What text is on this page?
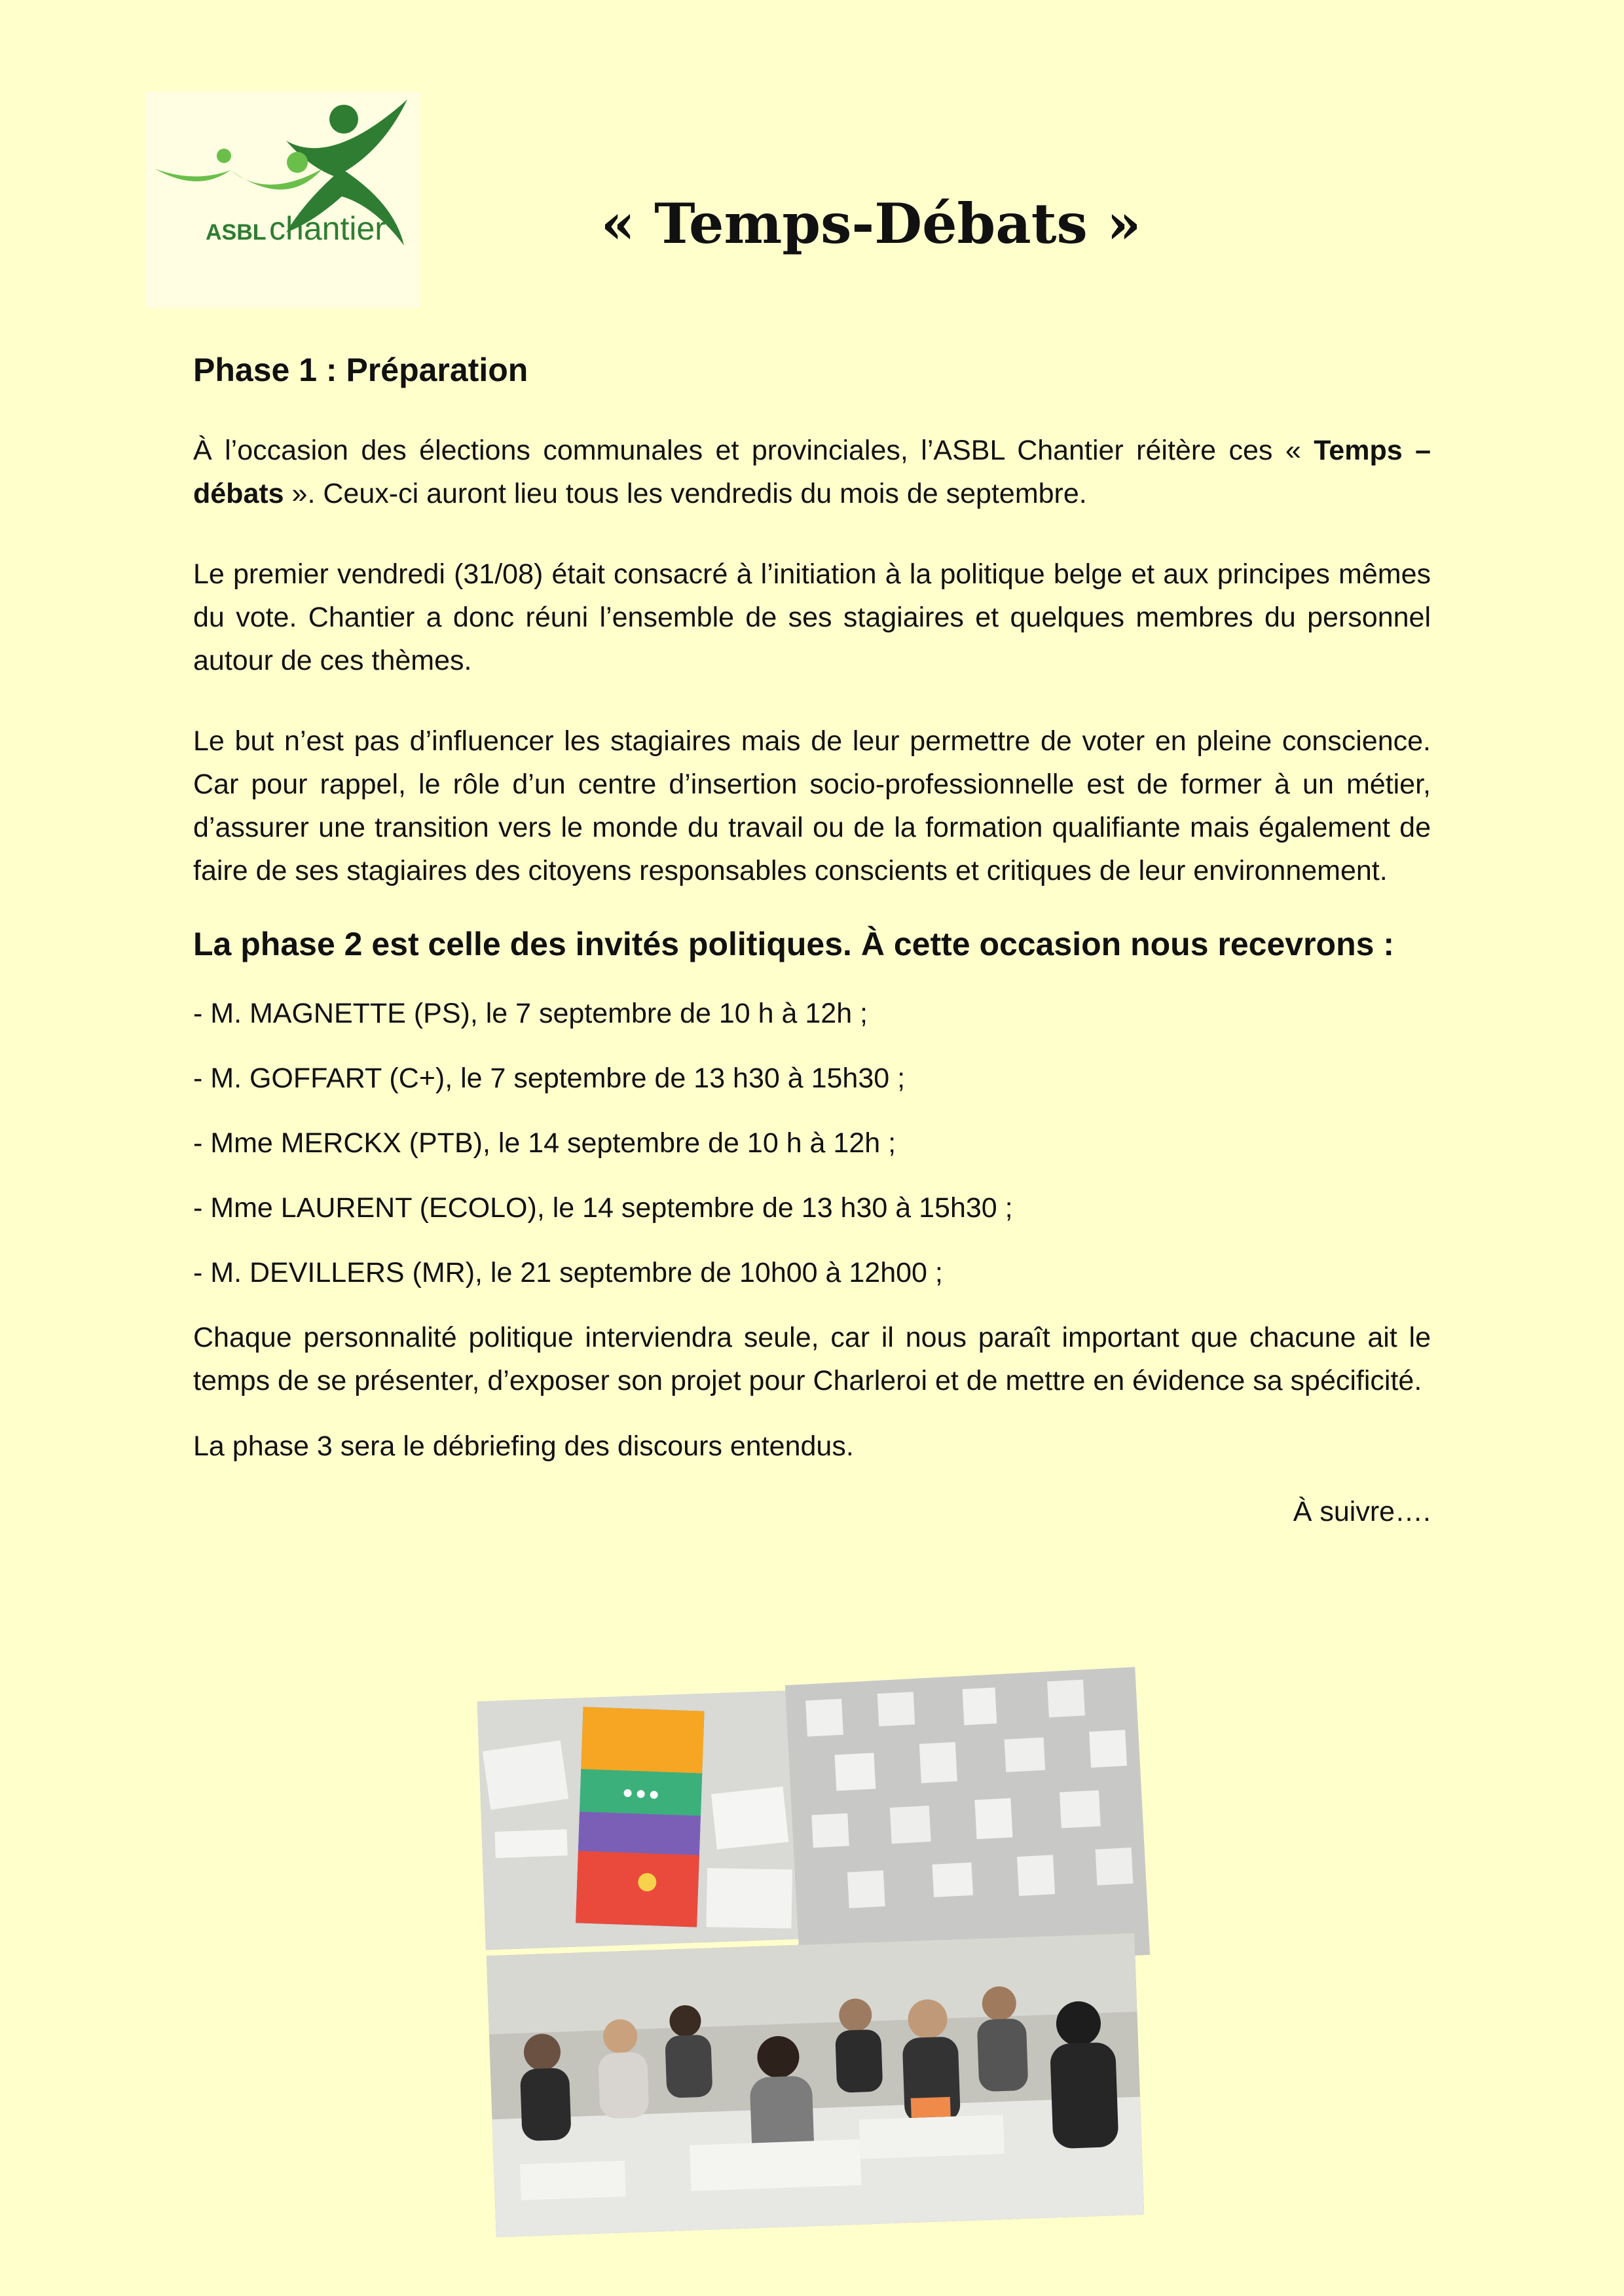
ASBL chantier	« Temps-Débats »
Phase 1 : Préparation
À l’occasion des élections communales et provinciales, l’ASBL Chantier réitère ces « Temps – débats ». Ceux-ci auront lieu tous les vendredis du mois de septembre.
Le premier vendredi (31/08) était consacré à l’initiation à la politique belge et aux principes mêmes du vote. Chantier a donc réuni l’ensemble de ses stagiaires et quelques membres du personnel autour de ces thèmes.
Le but n’est pas d’influencer les stagiaires mais de leur permettre de voter en pleine conscience. Car pour rappel, le rôle d’un centre d’insertion socio-professionnelle est de former à un métier, d’assurer une transition vers le monde du travail ou de la formation qualifiante mais également de faire de ses stagiaires des citoyens responsables conscients et critiques de leur environnement.
La phase 2 est celle des invités politiques. À cette occasion nous recevrons :
- M. MAGNETTE (PS), le 7 septembre de 10 h à 12h ;
- M. GOFFART (C+), le 7 septembre de 13 h30 à 15h30 ;
- Mme MERCKX (PTB), le 14 septembre de 10 h à 12h ;
- Mme LAURENT (ECOLO), le 14 septembre de 13 h30 à 15h30 ;
- M. DEVILLERS (MR), le 21 septembre de 10h00 à 12h00 ;
Chaque personnalité politique interviendra seule, car il nous paraît important que chacune ait le temps de se présenter, d’exposer son projet pour Charleroi et de mettre en évidence sa spécificité.
La phase 3 sera le débriefing des discours entendus.
À suivre….
